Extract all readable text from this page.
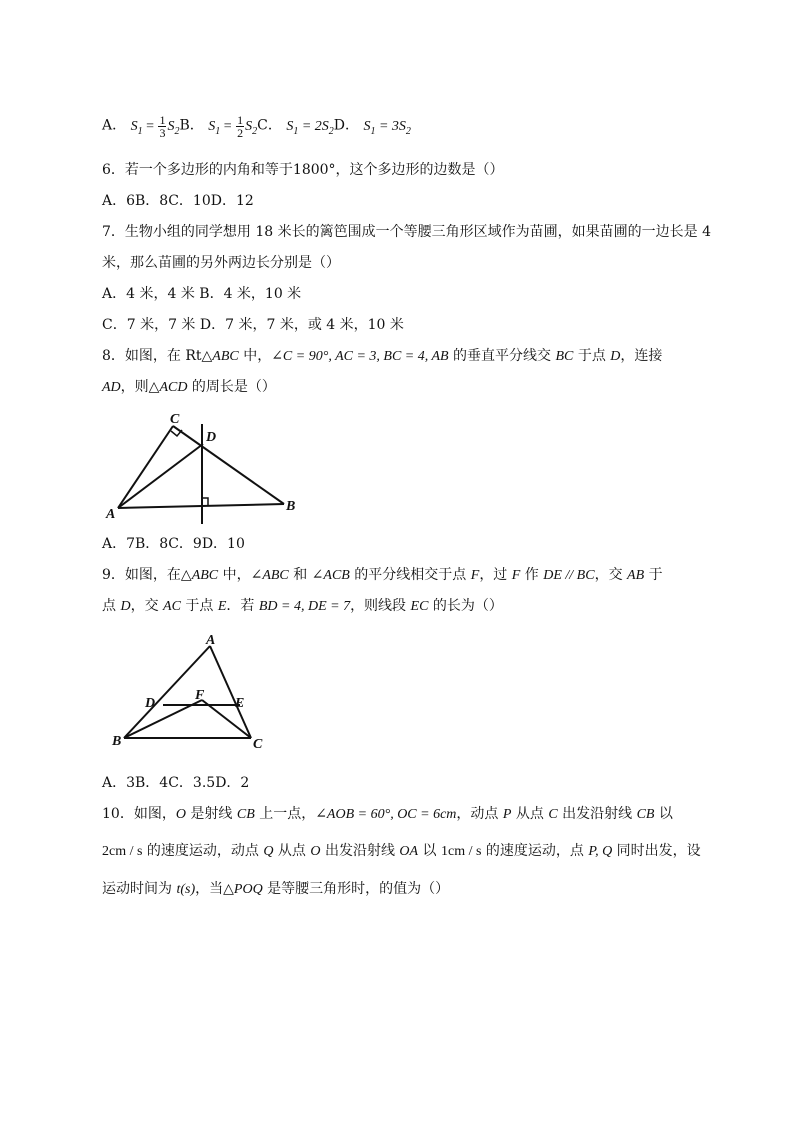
A． $S_1 = \frac{1}{3} S_2B$． $S_1 = \frac{1}{2} S_2C$． $S_1 = 2S_2D$． $S_1 = 3S_2$
6．若一个多边形的内角和等于1800°，这个多边形的边数是（）
A．6B．8C．10D．12
7．生物小组的同学想用 18 米长的篱笆围成一个等腰三角形区域作为苗圃，如果苗圃的一边长是 4
米，那么苗圃的另外两边长分别是（）
A．4 米，4 米 B．4 米，10 米
C．7 米，7 米 D．7 米，7 米，或 4 米，10 米
8．如图，在 Rt△ABC 中，∠C = 90°, AC = 3, BC = 4, AB 的垂直平分线交 BC 于点 D，连接
AD，则△ACD 的周长是（）
C
D
A
B
A．7B．8C．9D．10
9．如图，在△ABC 中，∠ABC 和 ∠ACB 的平分线相交于点 F，过 F 作 DE // BC，交 AB 于
点 D，交 AC 于点 E．若 BD = 4, DE = 7，则线段 EC 的长为（）
A
D
F
E
B	C
A．3B．4C．3.5D．2
10．如图，O 是射线 CB 上一点，∠AOB = 60°, OC = 6cm，动点 P 从点 C 出发沿射线 CB 以
2cm / s 的速度运动，动点 Q 从点 O 出发沿射线 OA 以 1cm / s 的速度运动，点 P, Q 同时出发，设
运动时间为 t(s)，当△POQ 是等腰三角形时，的值为（）
